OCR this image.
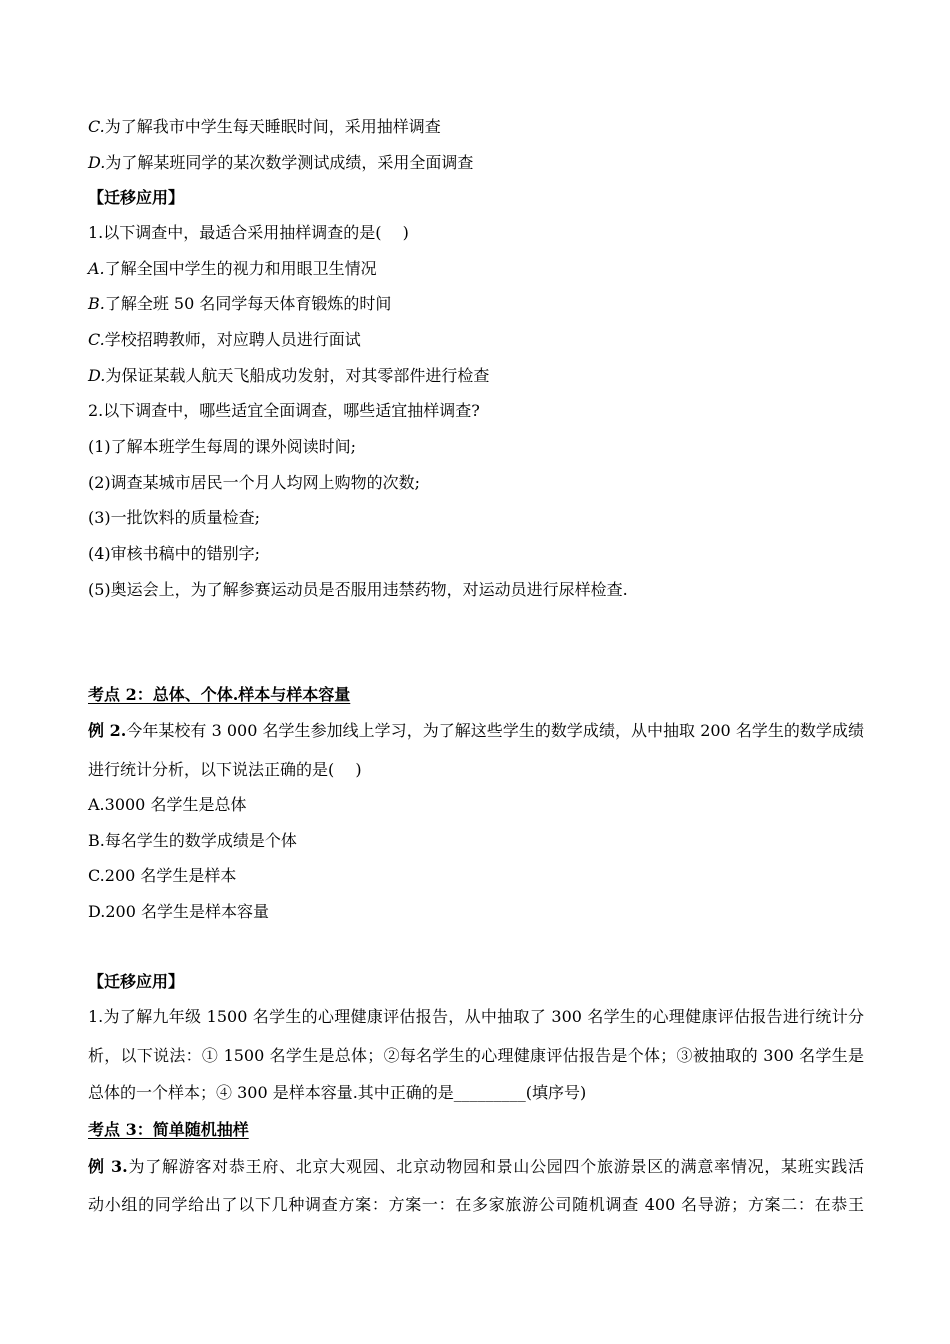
C.为了解我市中学生每天睡眠时间，采用抽样调查
D.为了解某班同学的某次数学测试成绩，采用全面调查
【迁移应用】
1.以下调查中，最适合采用抽样调查的是(　 )
A.了解全国中学生的视力和用眼卫生情况
B.了解全班 50 名同学每天体育锻炼的时间
C.学校招聘教师，对应聘人员进行面试
D.为保证某载人航天飞船成功发射，对其零部件进行检查
2.以下调查中，哪些适宜全面调查，哪些适宜抽样调查?
(1)了解本班学生每周的课外阅读时间;
(2)调查某城市居民一个月人均网上购物的次数;
(3)一批饮料的质量检查;
(4)审核书稿中的错别字;
(5)奥运会上，为了解参赛运动员是否服用违禁药物，对运动员进行尿样检查.
考点 2：总体、个体.样本与样本容量
例 2.今年某校有 3 000 名学生参加线上学习，为了解这些学生的数学成绩，从中抽取 200 名学生的数学成绩
进行统计分析，以下说法正确的是(　 )
A.3000 名学生是总体
B.每名学生的数学成绩是个体
C.200 名学生是样本
D.200 名学生是样本容量
【迁移应用】
1.为了解九年级 1500 名学生的心理健康评估报告，从中抽取了 300 名学生的心理健康评估报告进行统计分
析，以下说法：① 1500 名学生是总体；②每名学生的心理健康评估报告是个体；③被抽取的 300 名学生是
总体的一个样本；④ 300 是样本容量.其中正确的是_________(填序号)
考点 3：简单随机抽样
例 3.为了解游客对恭王府、北京大观园、北京动物园和景山公园四个旅游景区的满意率情况，某班实践活
动小组的同学给出了以下几种调查方案：方案一：在多家旅游公司随机调查 400 名导游；方案二：在恭王
